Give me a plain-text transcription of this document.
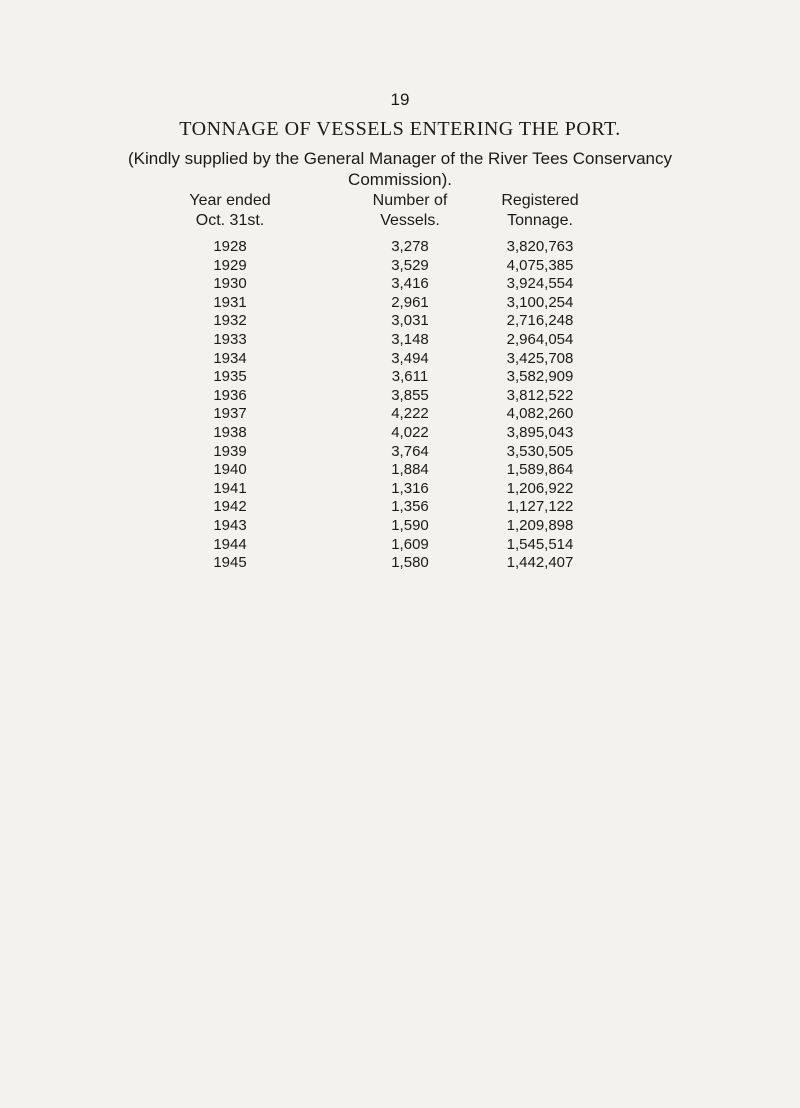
19
TONNAGE OF VESSELS ENTERING THE PORT.
(Kindly supplied by the General Manager of the River Tees Conservancy
Commission).
Year ended
Oct. 31st.
Number of
Vessels.
Registered
Tonnage.
1928	3,278	3,820,763
1929	3,529	4,075,385
1930	3,416	3,924,554
1931	2,961	3,100,254
1932	3,031	2,716,248
1933	3,148	2,964,054
1934	3,494	3,425,708
1935	3,611	3,582,909
1936	3,855	3,812,522
1937	4,222	4,082,260
1938	4,022	3,895,043
1939	3,764	3,530,505
1940	1,884	1,589,864
1941	1,316	1,206,922
1942	1,356	1,127,122
1943	1,590	1,209,898
1944	1,609	1,545,514
1945	1,580	1,442,407
